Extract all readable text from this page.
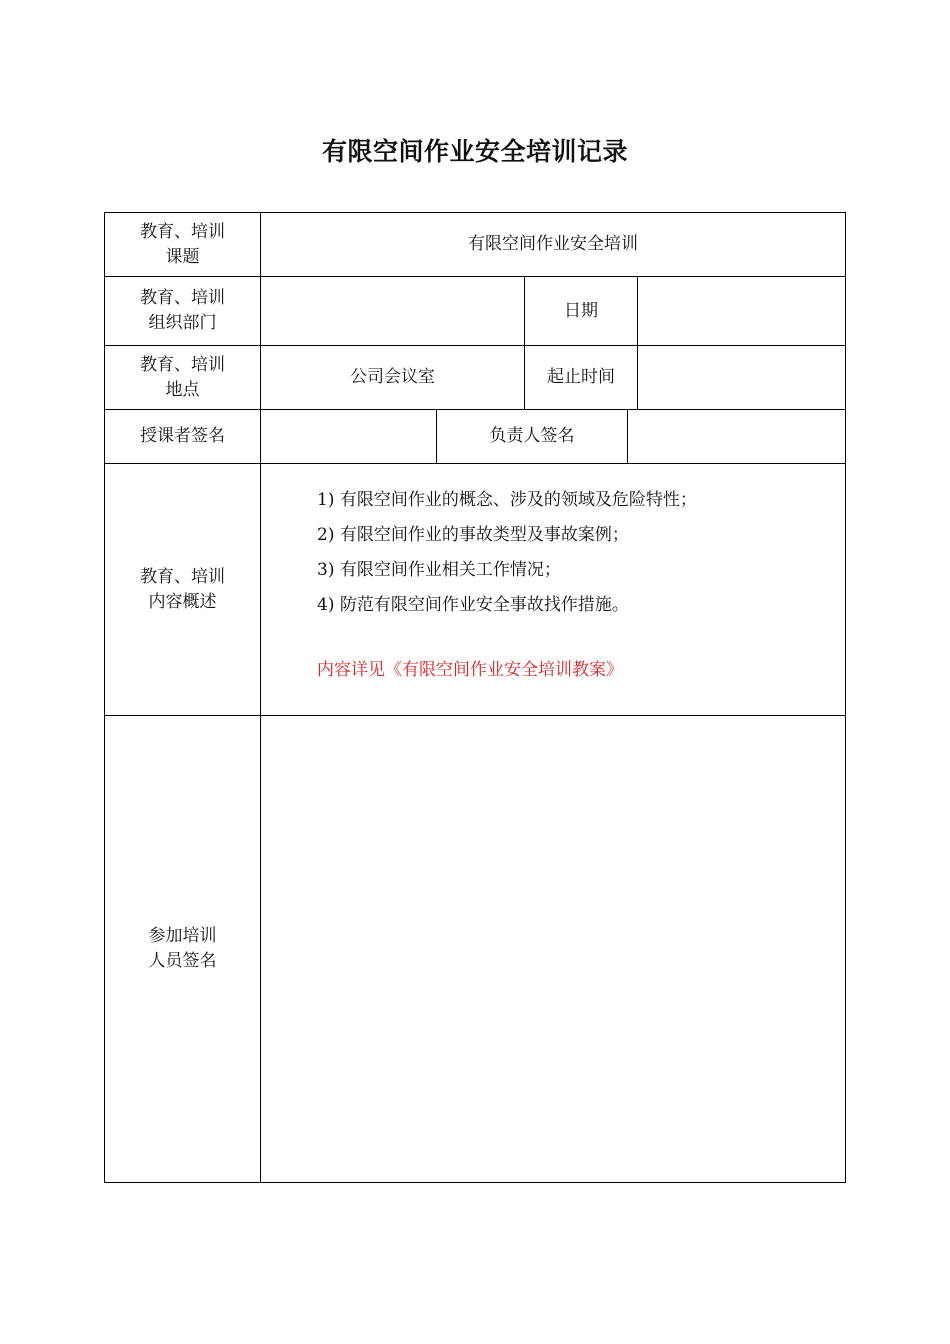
有限空间作业安全培训记录
教育、培训
课题
有限空间作业安全培训
教育、培训
组织部门
日期
教育、培训
地点
公司会议室	起止时间
授课者签名	负责人签名
教育、培训
内容概述
1) 有限空间作业的概念、涉及的领域及危险特性；
2) 有限空间作业的事故类型及事故案例；
3) 有限空间作业相关工作情况；
4) 防范有限空间作业安全事故找作措施。
内容详见《有限空间作业安全培训教案》
参加培训
人员签名
